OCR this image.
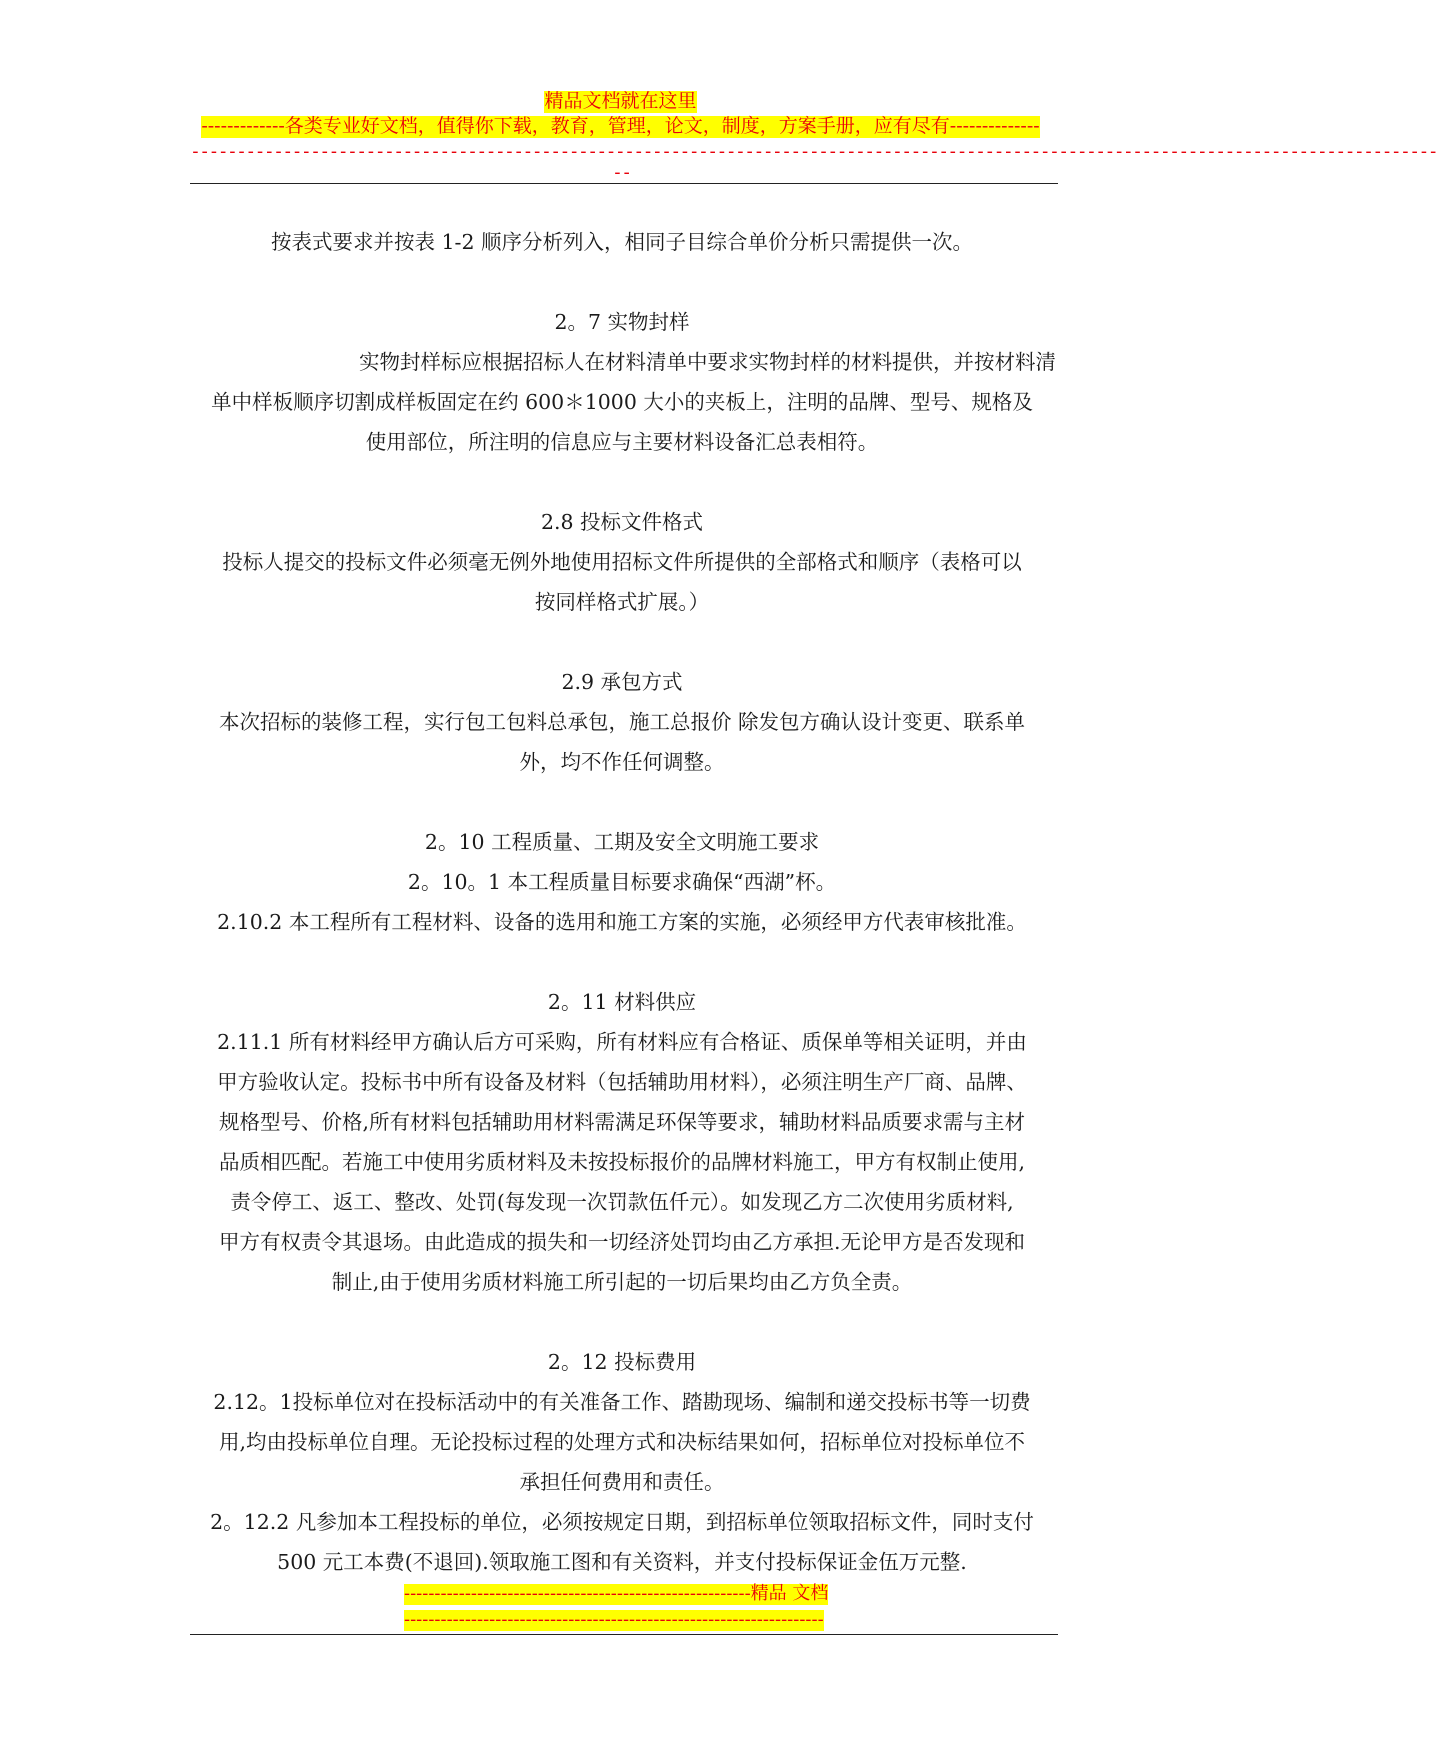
精品文档就在这里
-------------各类专业好文档，值得你下载，教育，管理，论文，制度，方案手册，应有尽有--------------
---------------------------------------------------------------------------------------------------------------------------------------
--

按表式要求并按表 1-2 顺序分析列入，相同子目综合单价分析只需提供一次。

2。7 实物封样

实物封样标应根据招标人在材料清单中要求实物封样的材料提供，并按材料清

单中样板顺序切割成样板固定在约 600＊1000 大小的夹板上，注明的品牌、型号、规格及

使用部位，所注明的信息应与主要材料设备汇总表相符。

2.8 投标文件格式

投标人提交的投标文件必须毫无例外地使用招标文件所提供的全部格式和顺序（表格可以

按同样格式扩展。）

2.9 承包方式

本次招标的装修工程，实行包工包料总承包，施工总报价 除发包方确认设计变更、联系单

外，均不作任何调整。

2。10 工程质量、工期及安全文明施工要求

2。10。1 本工程质量目标要求确保“西湖”杯。

2.10.2 本工程所有工程材料、设备的选用和施工方案的实施，必须经甲方代表审核批准。

2。11 材料供应

2.11.1 所有材料经甲方确认后方可采购，所有材料应有合格证、质保单等相关证明，并由

甲方验收认定。投标书中所有设备及材料（包括辅助用材料），必须注明生产厂商、品牌、

规格型号、价格,所有材料包括辅助用材料需满足环保等要求，辅助材料品质要求需与主材

品质相匹配。若施工中使用劣质材料及未按投标报价的品牌材料施工，甲方有权制止使用,

责令停工、返工、整改、处罚(每发现一次罚款伍仟元）。如发现乙方二次使用劣质材料,

甲方有权责令其退场。由此造成的损失和一切经济处罚均由乙方承担.无论甲方是否发现和

制止,由于使用劣质材料施工所引起的一切后果均由乙方负全责。

2。12 投标费用

2.12。1投标单位对在投标活动中的有关准备工作、踏勘现场、编制和递交投标书等一切费

用,均由投标单位自理。无论投标过程的处理方式和决标结果如何，招标单位对投标单位不

承担任何费用和责任。

2。12.2 凡参加本工程投标的单位，必须按规定日期，到招标单位领取招标文件，同时支付

500 元工本费(不退回).领取施工图和有关资料，并支付投标保证金伍万元整.

---------------------------------------------------------精品 文档
---------------------------------------------------------------------
